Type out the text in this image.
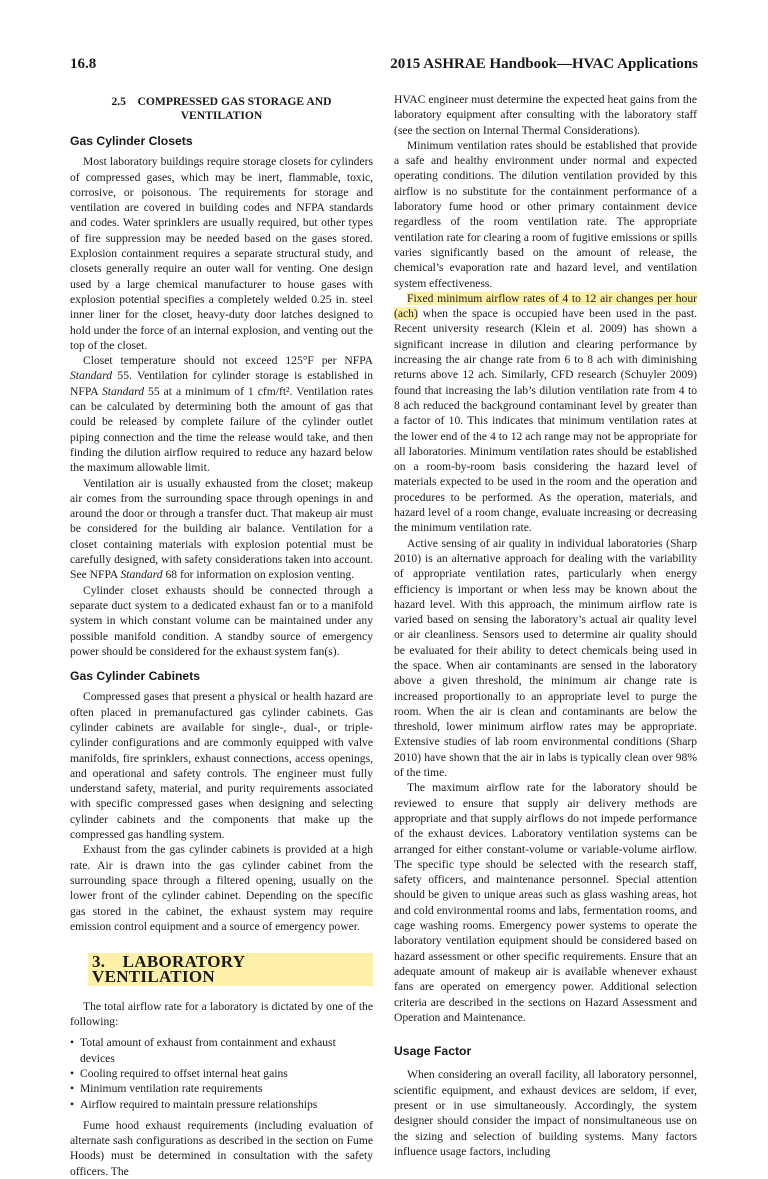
16.8	2015 ASHRAE Handbook—HVAC Applications
2.5 COMPRESSED GAS STORAGE AND
VENTILATION
Gas Cylinder Closets

Most laboratory buildings require storage closets for cylinders of compressed gases, which may be inert, flammable, toxic, corrosive, or poisonous. The requirements for storage and ventilation are covered in building codes and NFPA standards and codes. Water sprinklers are usually required, but other types of fire suppression may be needed based on the gases stored. Explosion containment requires a separate structural study, and closets generally require an outer wall for venting. One design used by a large chemical manufacturer to house gases with explosion potential specifies a completely welded 0.25 in. steel inner liner for the closet, heavy-duty door latches designed to hold under the force of an internal explosion, and venting out the top of the closet.

Closet temperature should not exceed 125°F per NFPA Standard 55. Ventilation for cylinder storage is established in NFPA Standard 55 at a minimum of 1 cfm/ft². Ventilation rates can be calculated by determining both the amount of gas that could be released by complete failure of the cylinder outlet piping connection and the time the release would take, and then finding the dilution airflow required to reduce any hazard below the maximum allowable limit.

Ventilation air is usually exhausted from the closet; makeup air comes from the surrounding space through openings in and around the door or through a transfer duct. That makeup air must be considered for the building air balance. Ventilation for a closet containing materials with explosion potential must be carefully designed, with safety considerations taken into account. See NFPA Standard 68 for information on explosion venting.

Cylinder closet exhausts should be connected through a separate duct system to a dedicated exhaust fan or to a manifold system in which constant volume can be maintained under any possible manifold condition. A standby source of emergency power should be considered for the exhaust system fan(s).

Gas Cylinder Cabinets

Compressed gases that present a physical or health hazard are often placed in premanufactured gas cylinder cabinets. Gas cylinder cabinets are available for single-, dual-, or triple-cylinder configurations and are commonly equipped with valve manifolds, fire sprinklers, exhaust connections, access openings, and operational and safety controls. The engineer must fully understand safety, material, and purity requirements associated with specific compressed gases when designing and selecting cylinder cabinets and the components that make up the compressed gas handling system.

Exhaust from the gas cylinder cabinets is provided at a high rate. Air is drawn into the gas cylinder cabinet from the surrounding space through a filtered opening, usually on the lower front of the cylinder cabinet. Depending on the specific gas stored in the cabinet, the exhaust system may require emission control equipment and a source of emergency power.

3. LABORATORY VENTILATION

The total airflow rate for a laboratory is dictated by one of the following:

• Total amount of exhaust from containment and exhaust devices
• Cooling required to offset internal heat gains
• Minimum ventilation rate requirements
• Airflow required to maintain pressure relationships

Fume hood exhaust requirements (including evaluation of alternate sash configurations as described in the section on Fume Hoods) must be determined in consultation with the safety officers. The

HVAC engineer must determine the expected heat gains from the laboratory equipment after consulting with the laboratory staff (see the section on Internal Thermal Considerations).

Minimum ventilation rates should be established that provide a safe and healthy environment under normal and expected operating conditions. The dilution ventilation provided by this airflow is no substitute for the containment performance of a laboratory fume hood or other primary containment device regardless of the room ventilation rate. The appropriate ventilation rate for clearing a room of fugitive emissions or spills varies significantly based on the amount of release, the chemical’s evaporation rate and hazard level, and ventilation system effectiveness.

Fixed minimum airflow rates of 4 to 12 air changes per hour (ach) when the space is occupied have been used in the past. Recent university research (Klein et al. 2009) has shown a significant increase in dilution and clearing performance by increasing the air change rate from 6 to 8 ach with diminishing returns above 12 ach. Similarly, CFD research (Schuyler 2009) found that increasing the lab’s dilution ventilation rate from 4 to 8 ach reduced the background contaminant level by greater than a factor of 10. This indicates that minimum ventilation rates at the lower end of the 4 to 12 ach range may not be appropriate for all laboratories. Minimum ventilation rates should be established on a room-by-room basis considering the hazard level of materials expected to be used in the room and the operation and procedures to be performed. As the operation, materials, and hazard level of a room change, evaluate increasing or decreasing the minimum ventilation rate.

Active sensing of air quality in individual laboratories (Sharp 2010) is an alternative approach for dealing with the variability of appropriate ventilation rates, particularly when energy efficiency is important or when less may be known about the hazard level. With this approach, the minimum airflow rate is varied based on sensing the laboratory’s actual air quality level or air cleanliness. Sensors used to determine air quality should be evaluated for their ability to detect chemicals being used in the space. When air contaminants are sensed in the laboratory above a given threshold, the minimum air change rate is increased proportionally to an appropriate level to purge the room. When the air is clean and contaminants are below the threshold, lower minimum airflow rates may be appropriate. Extensive studies of lab room environmental conditions (Sharp 2010) have shown that the air in labs is typically clean over 98% of the time.

The maximum airflow rate for the laboratory should be reviewed to ensure that supply air delivery methods are appropriate and that supply airflows do not impede performance of the exhaust devices. Laboratory ventilation systems can be arranged for either constant-volume or variable-volume airflow. The specific type should be selected with the research staff, safety officers, and maintenance personnel. Special attention should be given to unique areas such as glass washing areas, hot and cold environmental rooms and labs, fermentation rooms, and cage washing rooms. Emergency power systems to operate the laboratory ventilation equipment should be considered based on hazard assessment or other specific requirements. Ensure that an adequate amount of makeup air is available whenever exhaust fans are operated on emergency power. Additional selection criteria are described in the sections on Hazard Assessment and Operation and Maintenance.

Usage Factor

When considering an overall facility, all laboratory personnel, scientific equipment, and exhaust devices are seldom, if ever, present or in use simultaneously. Accordingly, the system designer should consider the impact of nonsimultaneous use on the sizing and selection of building systems. Many factors influence usage factors, including
